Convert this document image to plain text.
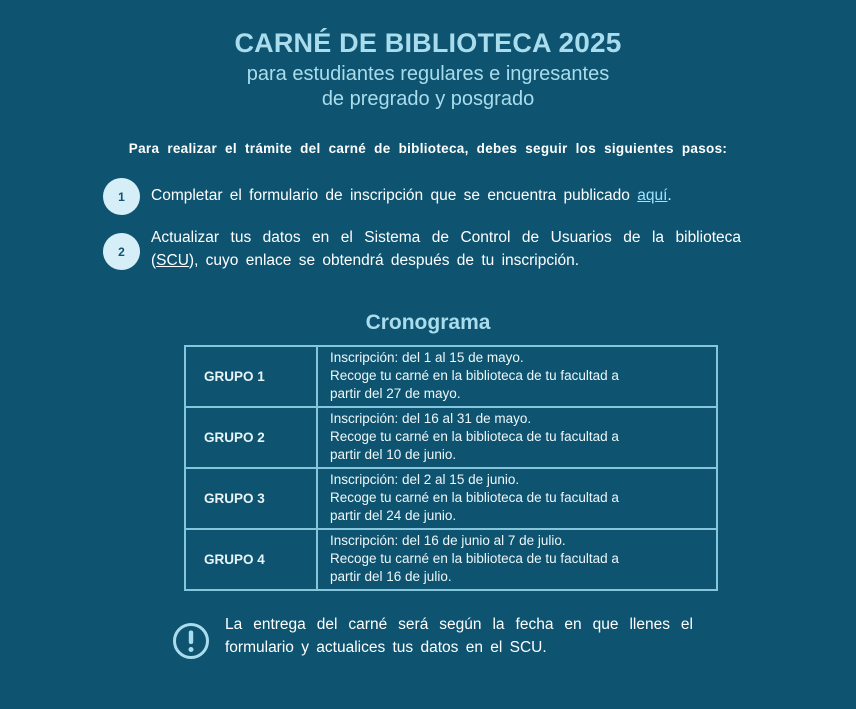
CARNÉ DE BIBLIOTECA 2025
para estudiantes regulares e ingresantes
de pregrado y posgrado
Para realizar el trámite del carné de biblioteca, debes seguir los siguientes pasos:
1 Completar el formulario de inscripción que se encuentra publicado aquí.
2
Actualizar tus datos en el Sistema de Control de Usuarios de la biblioteca (SCU), cuyo enlace se obtendrá después de tu inscripción.
Cronograma
GRUPO 1	Inscripción: del 1 al 15 de mayo.
Recoge tu carné en la biblioteca de tu facultad a
partir del 27 de mayo.

GRUPO 2	Inscripción: del 16 al 31 de mayo.
Recoge tu carné en la biblioteca de tu facultad a
partir del 10 de junio.

GRUPO 3	Inscripción: del 2 al 15 de junio.
Recoge tu carné en la biblioteca de tu facultad a
partir del 24 de junio.

GRUPO 4	Inscripción: del 16 de junio al 7 de julio.
Recoge tu carné en la biblioteca de tu facultad a
partir del 16 de julio.
La entrega del carné será según la fecha en que llenes el formulario y actualices tus datos en el SCU.
